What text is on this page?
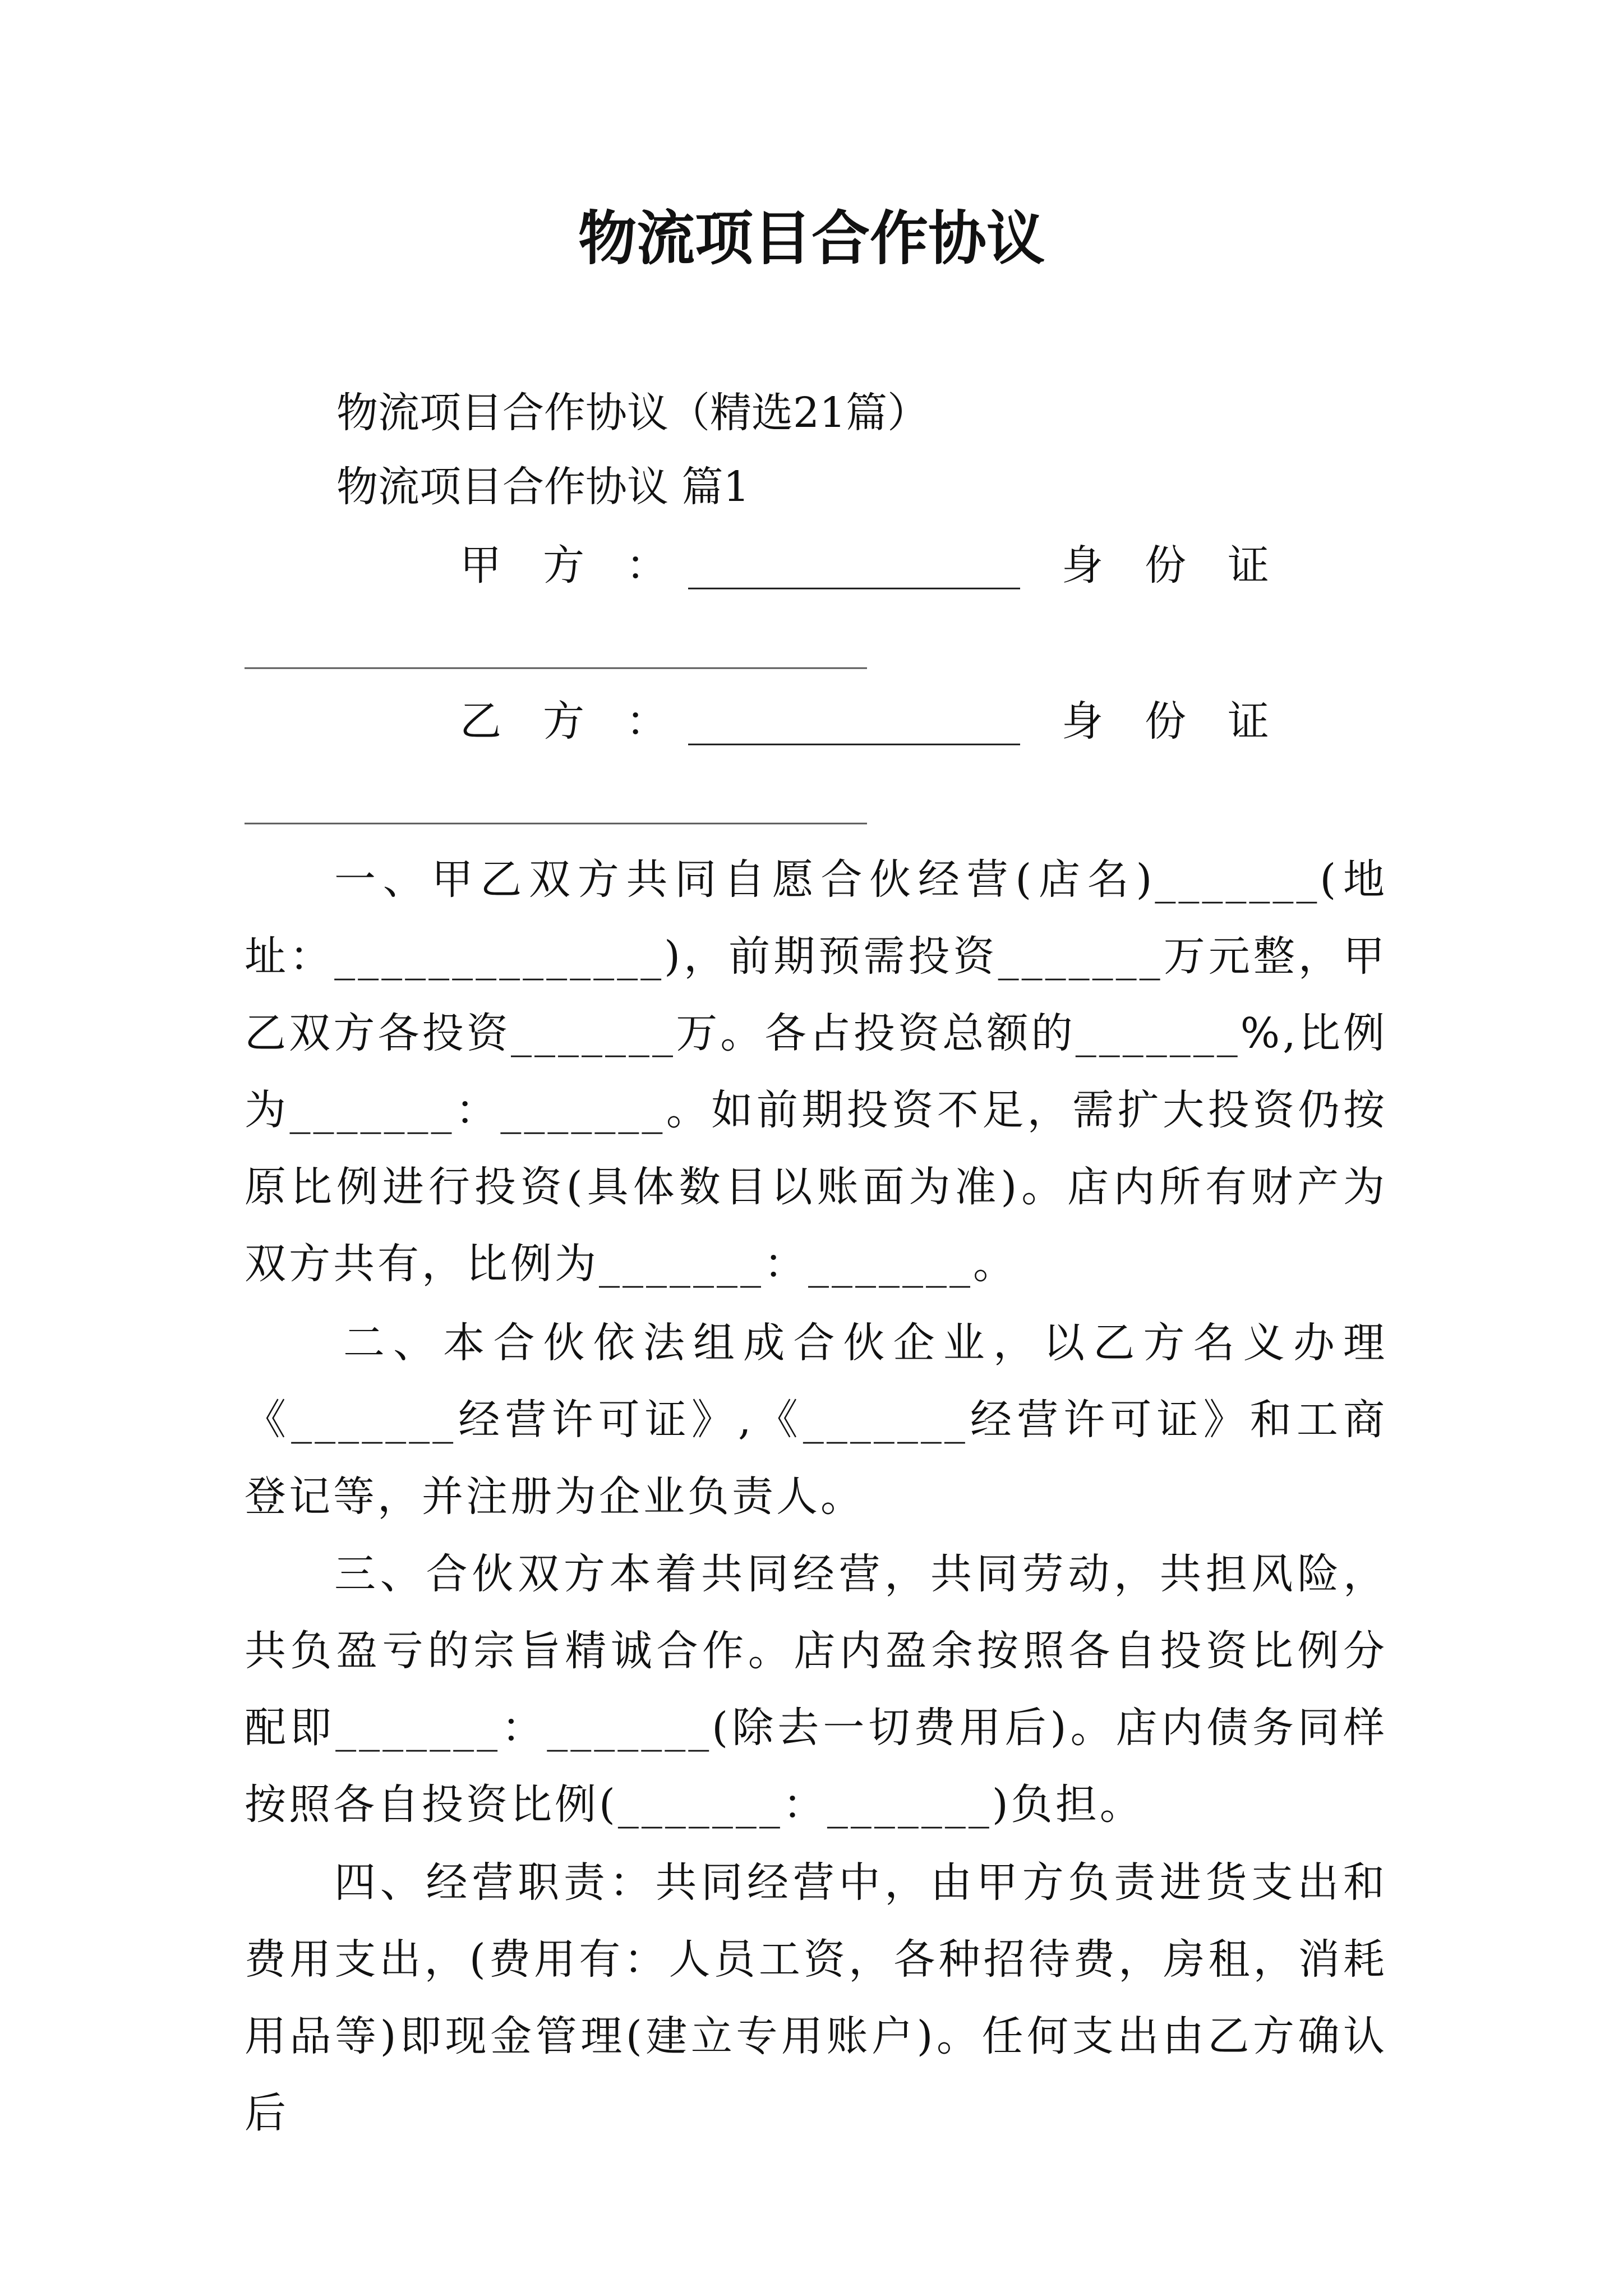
物流项目合作协议
物流项目合作协议（精选21篇）
物流项目合作协议 篇1
甲　方　：　________________　身　份　证
______________________________
乙　方　：　________________　身　份　证
______________________________

一、甲乙双方共同自愿合伙经营(店名)_______(地址：______________)，前期预需投资_______万元整，甲乙双方各投资_______万。各占投资总额的_______%,比例为_______：_______。如前期投资不足，需扩大投资仍按原比例进行投资(具体数目以账面为准)。店内所有财产为双方共有，比例为_______：_______。

二、本合伙依法组成合伙企业，以乙方名义办理《_______经营许可证》,《_______经营许可证》和工商登记等，并注册为企业负责人。

三、合伙双方本着共同经营，共同劳动，共担风险，共负盈亏的宗旨精诚合作。店内盈余按照各自投资比例分配即_______：_______(除去一切费用后)。店内债务同样按照各自投资比例(_______：_______)负担。

四、经营职责：共同经营中，由甲方负责进货支出和费用支出，(费用有：人员工资，各种招待费，房租，消耗用品等)即现金管理(建立专用账户)。任何支出由乙方确认后
